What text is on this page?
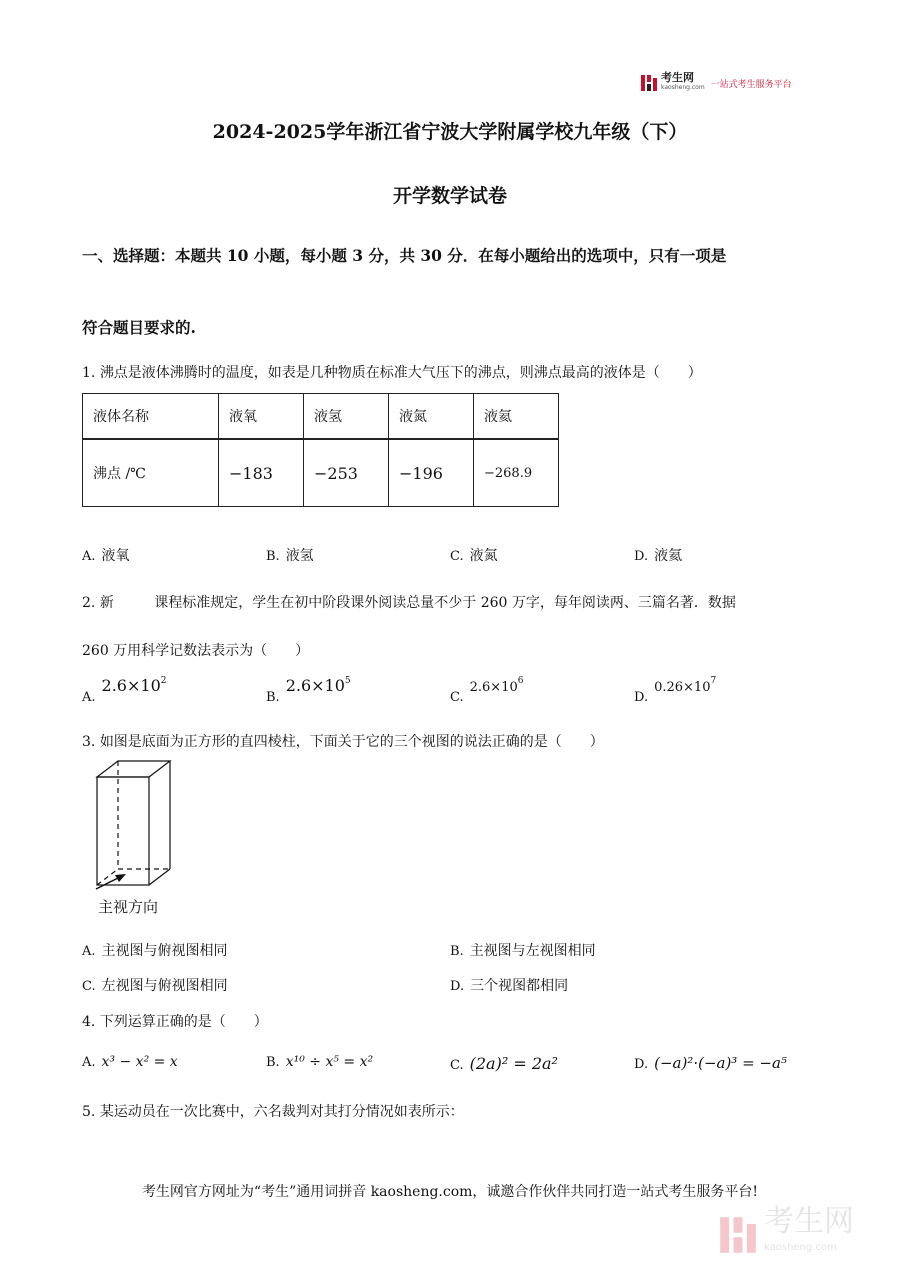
考生网
kaosheng.com 一站式考生服务平台
2024-2025学年浙江省宁波大学附属学校九年级（下）
开学数学试卷
一、选择题：本题共 10 小题，每小题 3 分，共 30 分．在每小题给出的选项中，只有一项是
符合题目要求的.
1. 沸点是液体沸腾时的温度，如表是几种物质在标准大气压下的沸点，则沸点最高的液体是（　　）
液体名称	液氧	液氢	液氮	液氦
沸点 /℃	−183	−253	−196	−268.9
A. 液氧	B. 液氢	C. 液氮	D. 液氦
2. 新	课程标准规定，学生在初中阶段课外阅读总量不少于 260 万字，每年阅读两、三篇名著．数据
260 万用科学记数法表示为（　　）
$A.2.6\times 10^2$
$B.2.6\times 10^5$
$C.2.6\times 10^6$
$D.0.26\times 10^7$
3. 如图是底面为正方形的直四棱柱，下面关于它的三个视图的说法正确的是（　　）
主视方向
A. 主视图与俯视图相同	B. 主视图与左视图相同
C. 左视图与俯视图相同	D. 三个视图都相同
4. 下列运算正确的是（　　）
A. x³ − x² = x	B. x¹⁰ ÷ x⁵ = x²	C. (2a)² = 2a²	D. (−a)²·(−a)³ = −a⁵
5. 某运动员在一次比赛中，六名裁判对其打分情况如表所示：
考生网官方网址为“考生”通用词拼音 kaosheng.com，诚邀合作伙伴共同打造一站式考生服务平台!
考生网
kaosheng.com
